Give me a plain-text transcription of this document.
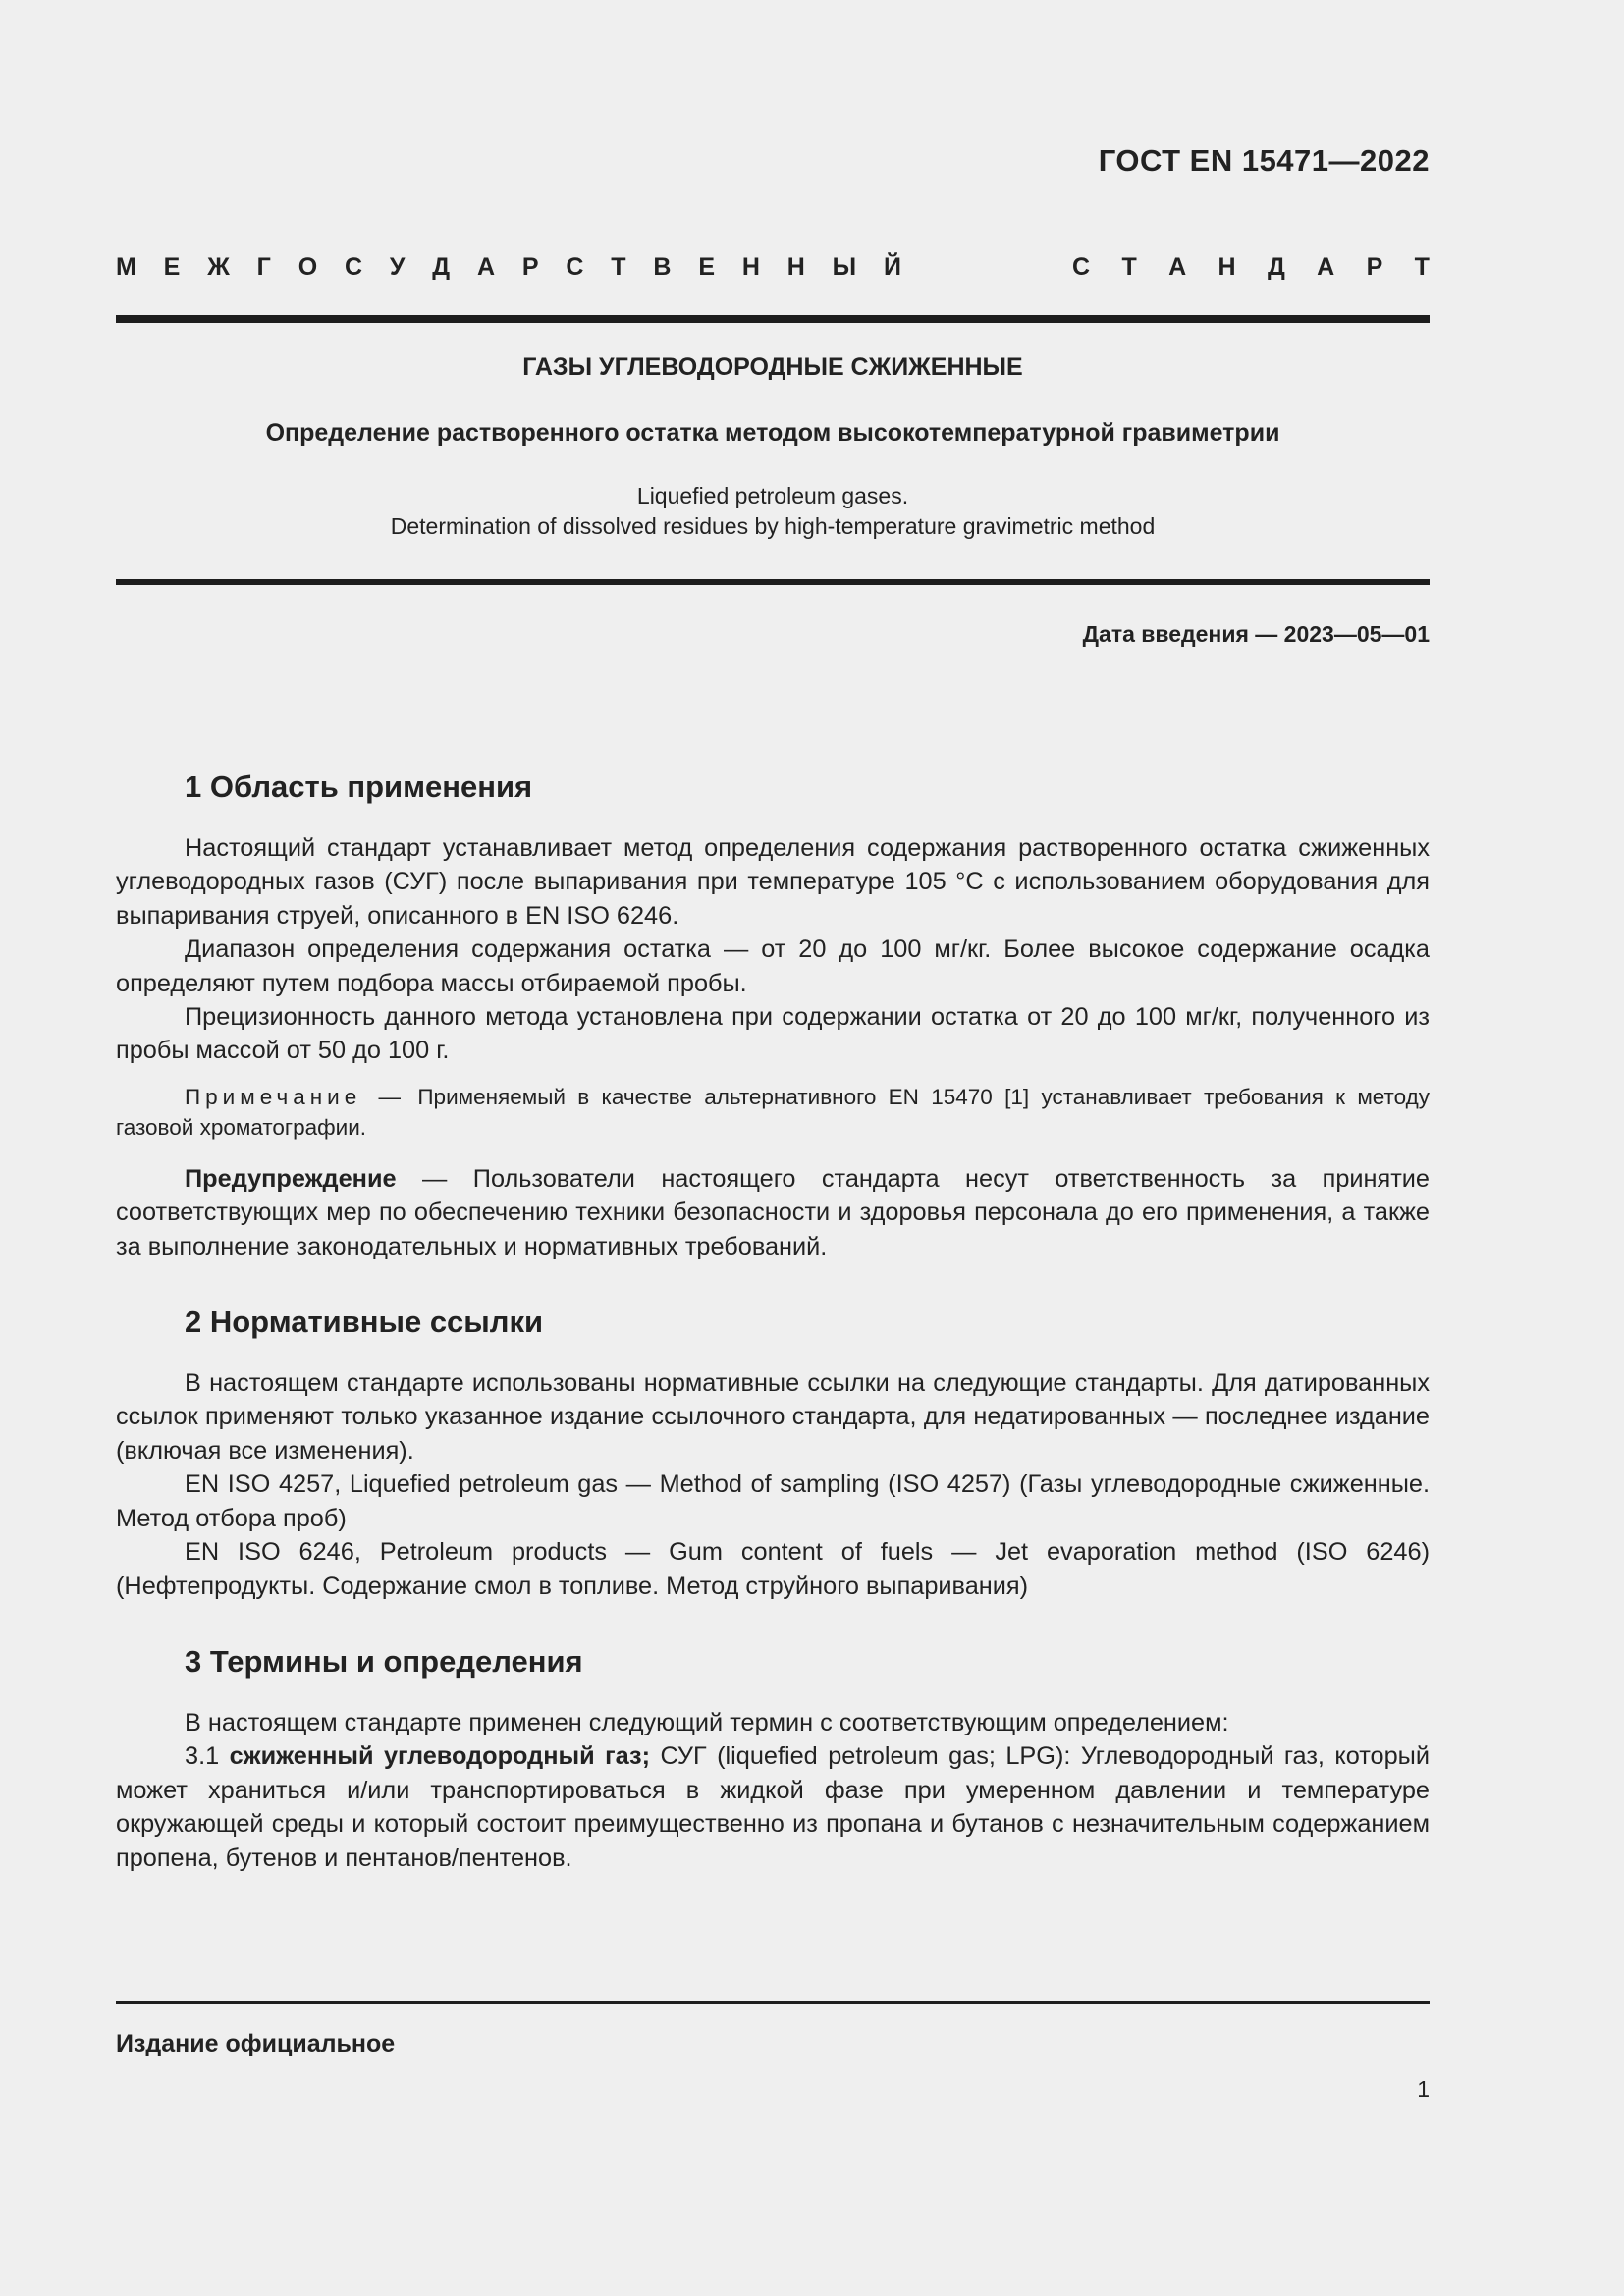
ГОСТ EN 15471—2022
М Е Ж Г О С У Д А Р С Т В Е Н Н Ы Й	С Т А Н Д А Р Т
ГАЗЫ УГЛЕВОДОРОДНЫЕ СЖИЖЕННЫЕ
Определение растворенного остатка методом высокотемпературной гравиметрии
Liquefied petroleum gases.
Determination of dissolved residues by high-temperature gravimetric method
Дата введения — 2023—05—01
1 Область применения

Настоящий стандарт устанавливает метод определения содержания растворенного остатка сжиженных углеводородных газов (СУГ) после выпаривания при температуре 105 °С с использованием оборудования для выпаривания струей, описанного в EN ISO 6246.

Диапазон определения содержания остатка — от 20 до 100 мг/кг. Более высокое содержание осадка определяют путем подбора массы отбираемой пробы.

Прецизионность данного метода установлена при содержании остатка от 20 до 100 мг/кг, полученного из пробы массой от 50 до 100 г.

Примечание — Применяемый в качестве альтернативного EN 15470 [1] устанавливает требования к методу газовой хроматографии.

Предупреждение — Пользователи настоящего стандарта несут ответственность за принятие соответствующих мер по обеспечению техники безопасности и здоровья персонала до его применения, а также за выполнение законодательных и нормативных требований.

2 Нормативные ссылки

В настоящем стандарте использованы нормативные ссылки на следующие стандарты. Для датированных ссылок применяют только указанное издание ссылочного стандарта, для недатированных — последнее издание (включая все изменения).

EN ISO 4257, Liquefied petroleum gas — Method of sampling (ISO 4257) (Газы углеводородные сжиженные. Метод отбора проб)

EN ISO 6246, Petroleum products — Gum content of fuels — Jet evaporation method (ISO 6246) (Нефтепродукты. Содержание смол в топливе. Метод струйного выпаривания)

3 Термины и определения

В настоящем стандарте применен следующий термин с соответствующим определением:

3.1 сжиженный углеводородный газ; СУГ (liquefied petroleum gas; LPG): Углеводородный газ, который может храниться и/или транспортироваться в жидкой фазе при умеренном давлении и температуре окружающей среды и который состоит преимущественно из пропана и бутанов с незначительным содержанием пропена, бутенов и пентанов/пентенов.

Издание официальное
1
